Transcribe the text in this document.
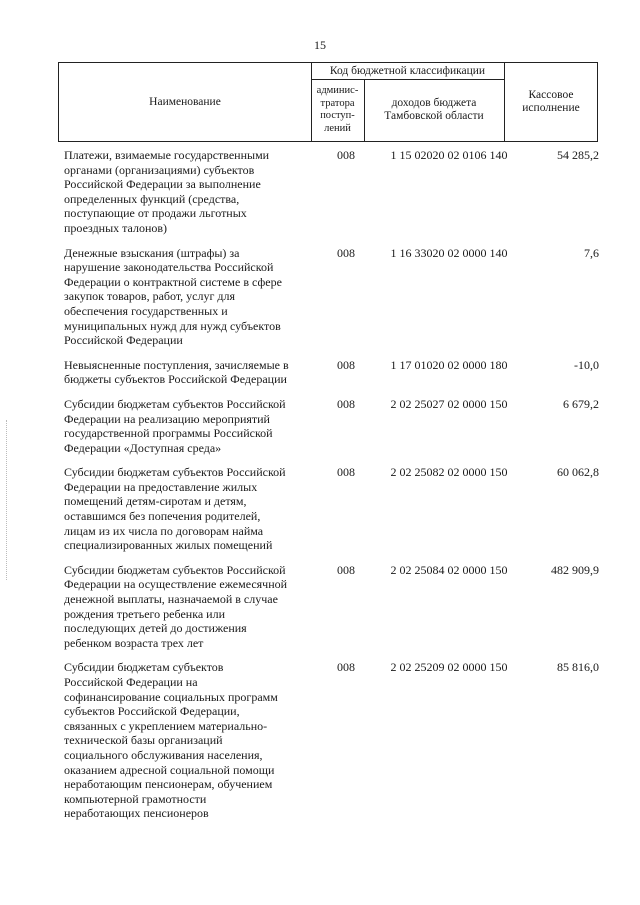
15
Наименование
Код бюджетной классификации
админис-
тратора
поступ-
лений
доходов бюджета
Тамбовской области
Кассовое
исполнение
Платежи, взимаемые государственными
органами (организациями) субъектов
Российской Федерации за выполнение
определенных функций (средства,
поступающие от продажи льготных
проездных талонов)
008	1 15 02020 02 0106 140	54 285,2
Денежные взыскания (штрафы) за
нарушение законодательства Российской
Федерации о контрактной системе в сфере
закупок товаров, работ, услуг для
обеспечения государственных и
муниципальных нужд для нужд субъектов
Российской Федерации
008	1 16 33020 02 0000 140	7,6
Невыясненные поступления, зачисляемые в
бюджеты субъектов Российской Федерации
008	1 17 01020 02 0000 180	-10,0
Субсидии бюджетам субъектов Российской
Федерации на реализацию мероприятий
государственной программы Российской
Федерации «Доступная среда»
008	2 02 25027 02 0000 150	6 679,2
Субсидии бюджетам субъектов Российской
Федерации на предоставление жилых
помещений детям-сиротам и детям,
оставшимся без попечения родителей,
лицам из их числа по договорам найма
специализированных жилых помещений
008	2 02 25082 02 0000 150	60 062,8
Субсидии бюджетам субъектов Российской
Федерации на осуществление ежемесячной
денежной выплаты, назначаемой в случае
рождения третьего ребенка или
последующих детей до достижения
ребенком возраста трех лет
008	2 02 25084 02 0000 150	482 909,9
Субсидии бюджетам субъектов
Российской Федерации на
софинансирование социальных программ
субъектов Российской Федерации,
связанных с укреплением материально-
технической базы организаций
социального обслуживания населения,
оказанием адресной социальной помощи
неработающим пенсионерам, обучением
компьютерной грамотности
неработающих пенсионеров
008	2 02 25209 02 0000 150	85 816,0
